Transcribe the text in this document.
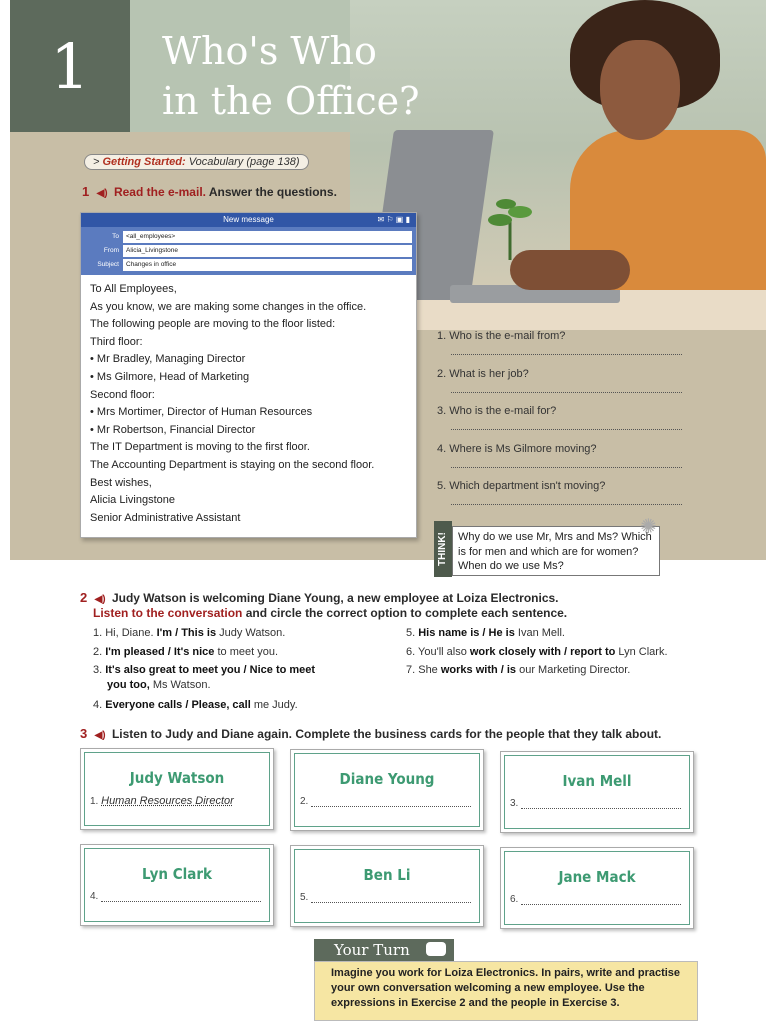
1	Who's Who
in the Office?
> Getting Started: Vocabulary (page 138)
1 ◀) Read the e-mail. Answer the questions.
New message	✉ ⚐ ▣ ▮
To	<all_employees>
From	Alicia_Livingstone
Subject	Changes in office
To All Employees,
As you know, we are making some changes in the office.
The following people are moving to the floor listed:
Third floor:
• Mr Bradley, Managing Director
• Ms Gilmore, Head of Marketing
Second floor:
• Mrs Mortimer, Director of Human Resources
• Mr Robertson, Financial Director
The IT Department is moving to the first floor.
The Accounting Department is staying on the second floor.
Best wishes,
Alicia Livingstone
Senior Administrative Assistant
1. Who is the e-mail from?
2. What is her job?
3. Who is the e-mail for?
4. Where is Ms Gilmore moving?
5. Which department isn't moving?
THINK! Why do we use Mr, Mrs and Ms? Which is for men and which are for women? When do we use Ms?
✺
2 ◀) Judy Watson is welcoming Diane Young, a new employee at Loiza Electronics.
Listen to the conversation and circle the correct option to complete each sentence.
1. Hi, Diane. I'm / This is Judy Watson.
2. I'm pleased / It's nice to meet you.
3. It's also great to meet you / Nice to meet
you too, Ms Watson.
4. Everyone calls / Please, call me Judy.
5. His name is / He is Ivan Mell.
6. You'll also work closely with / report to Lyn Clark.
7. She works with / is our Marketing Director.
3 ◀) Listen to Judy and Diane again. Complete the business cards for the people that they talk about.
Judy Watson
1. Human Resources Director
Diane Young
2.
Ivan Mell
3.
Lyn Clark
4.
Ben Li
5.
Jane Mack
6.
Your Turn
Imagine you work for Loiza Electronics. In pairs, write and practise your own conversation welcoming a new employee. Use the expressions in Exercise 2 and the people in Exercise 3.
